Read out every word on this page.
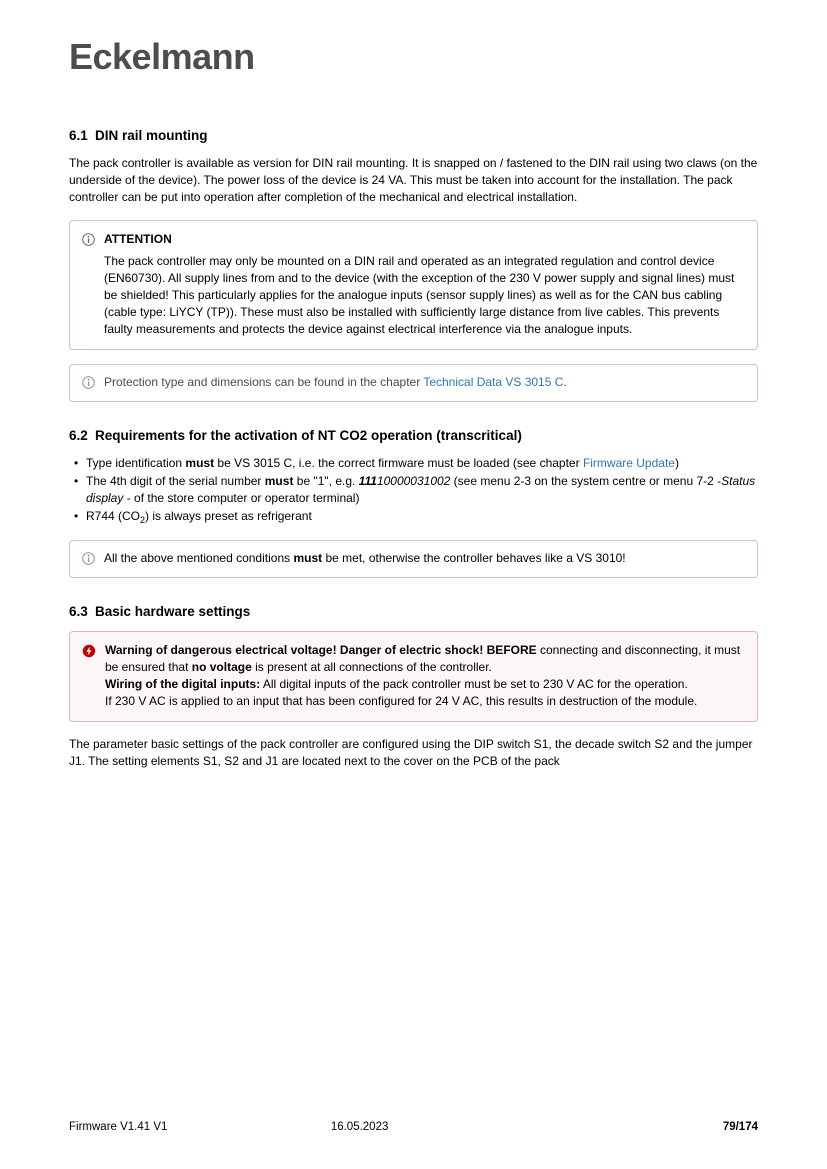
Eckelmann
6.1 DIN rail mounting

The pack controller is available as version for DIN rail mounting. It is snapped on / fastened to the DIN rail using two claws (on the underside of the device). The power loss of the device is 24 VA. This must be taken into account for the installation. The pack controller can be put into operation after completion of the mechanical and electrical installation.

ATTENTION
The pack controller may only be mounted on a DIN rail and operated as an integrated regulation and control device (EN60730). All supply lines from and to the device (with the exception of the 230 V power supply and signal lines) must be shielded! This particularly applies for the analogue inputs (sensor supply lines) as well as for the CAN bus cabling (cable type: LiYCY (TP)). These must also be installed with sufficiently large distance from live cables. This prevents faulty measurements and protects the device against electrical interference via the analogue inputs.
Protection type and dimensions can be found in the chapter Technical Data VS 3015 C.
6.2 Requirements for the activation of NT CO2 operation (transcritical)
• Type identification must be VS 3015 C, i.e. the correct firmware must be loaded (see chapter Firmware Update)
• The 4th digit of the serial number must be "1", e.g. 11110000031002 (see menu 2-3 on the system centre or menu 7-2 -Status display - of the store computer or operator terminal)
• R744 $(CO_2)$ is always preset as refrigerant
All the above mentioned conditions must be met, otherwise the controller behaves like a VS 3010!
6.3 Basic hardware settings
Warning of dangerous electrical voltage! Danger of electric shock! BEFORE connecting and disconnecting, it must be ensured that no voltage is present at all connections of the controller.
Wiring of the digital inputs: All digital inputs of the pack controller must be set to 230 V AC for the operation.
If 230 V AC is applied to an input that has been configured for 24 V AC, this results in destruction of the module.

The parameter basic settings of the pack controller are configured using the DIP switch S1, the decade switch S2 and the jumper J1. The setting elements S1, S2 and J1 are located next to the cover on the PCB of the pack

Firmware V1.41 V1	16.05.2023	79/174
